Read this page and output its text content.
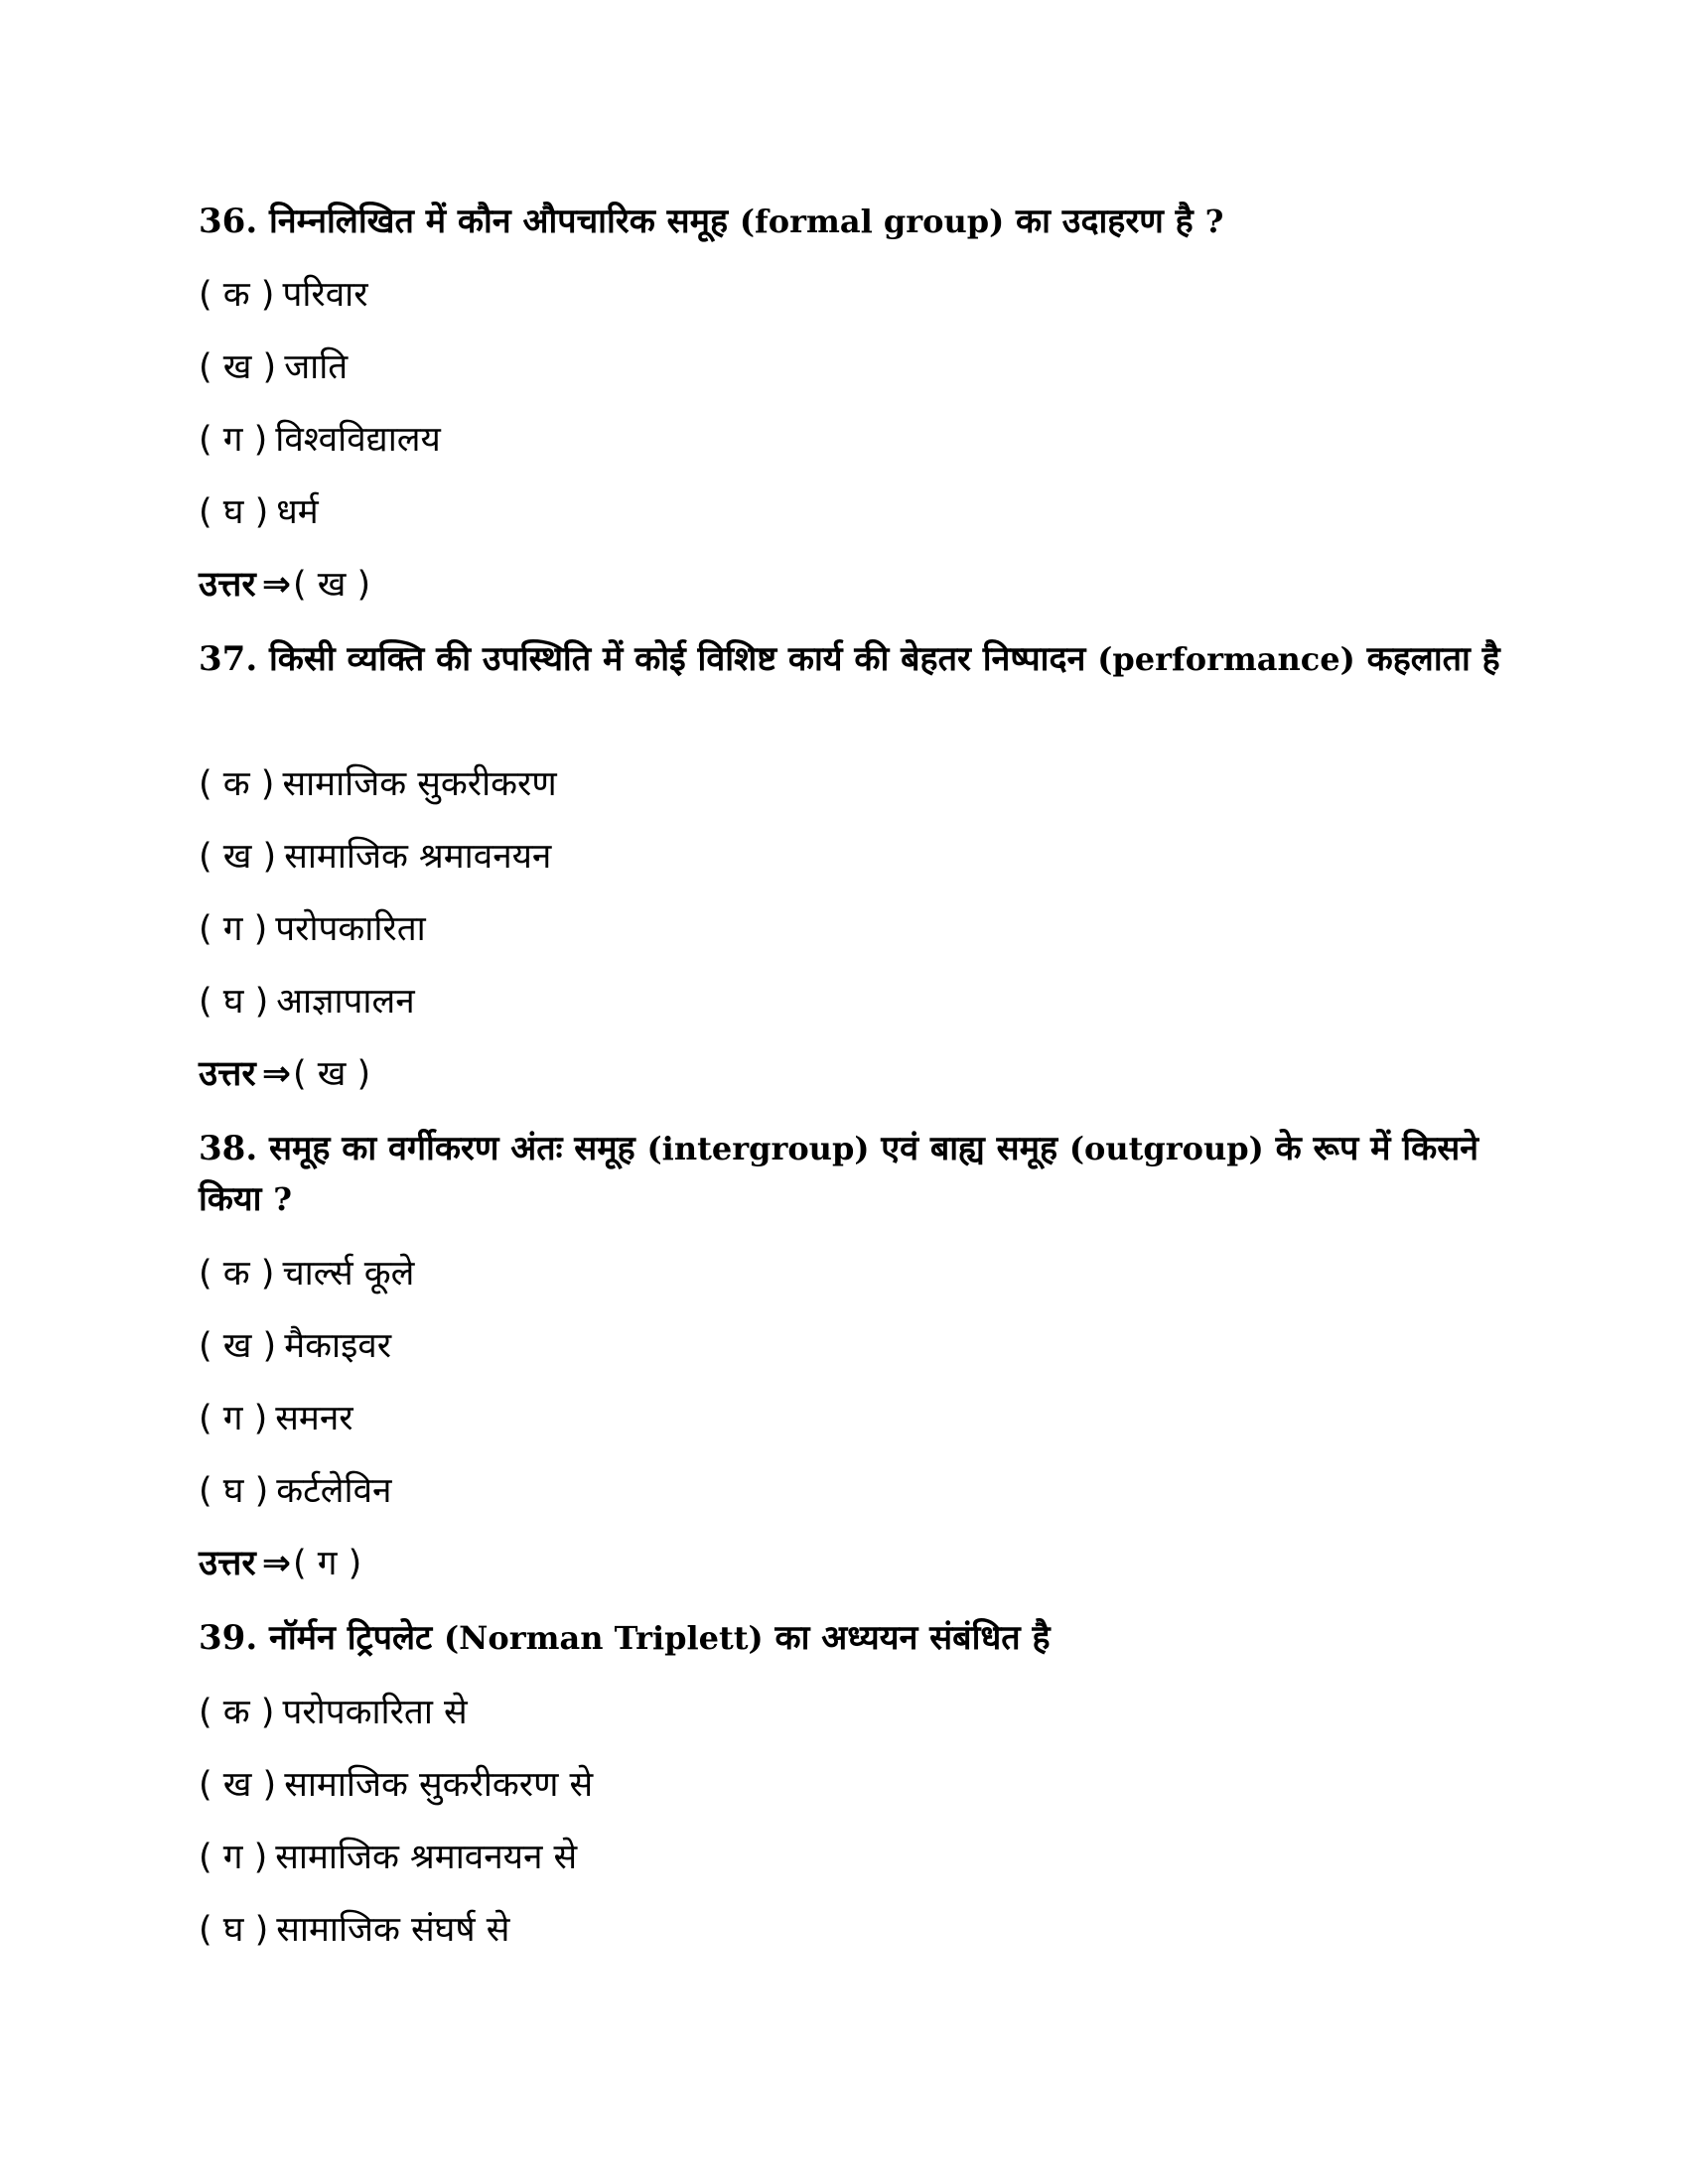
36. निम्नलिखित में कौन औपचारिक समूह (formal group) का उदाहरण है ?
( क ) परिवार
( ख ) जाति
( ग ) विश्वविद्यालय
( घ ) धर्म
उत्तर ⇒( ख )
37. किसी व्यक्ति की उपस्थिति में कोई विशिष्ट कार्य की बेहतर निष्पादन (performance) कहलाता है
( क ) सामाजिक सुकरीकरण
( ख ) सामाजिक श्रमावनयन
( ग ) परोपकारिता
( घ ) आज्ञापालन
उत्तर ⇒( ख )
38. समूह का वर्गीकरण अंतः समूह (intergroup) एवं बाह्य समूह (outgroup) के रूप में किसने किया ?
( क ) चार्ल्स कूले
( ख ) मैकाइवर
( ग ) समनर
( घ ) कर्टलेविन
उत्तर ⇒( ग )
39. नॉर्मन ट्रिपलेट (Norman Triplett) का अध्ययन संबंधित है
( क ) परोपकारिता से
( ख ) सामाजिक सुकरीकरण से
( ग ) सामाजिक श्रमावनयन से
( घ ) सामाजिक संघर्ष से
